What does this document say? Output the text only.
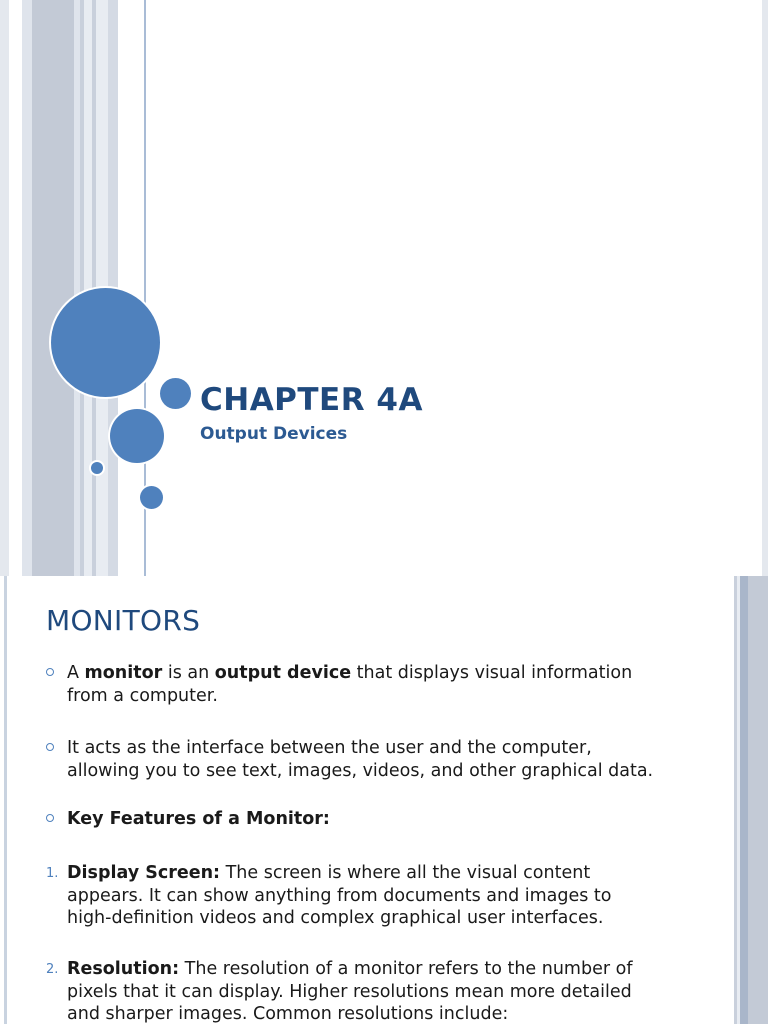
CHAPTER 4A
Output Devices
MONITORS
A monitor is an output device that displays visual information from a computer.
It acts as the interface between the user and the computer, allowing you to see text, images, videos, and other graphical data.
Key Features of a Monitor:
1. Display Screen: The screen is where all the visual content appears. It can show anything from documents and images to high-definition videos and complex graphical user interfaces.
2. Resolution: The resolution of a monitor refers to the number of pixels that it can display. Higher resolutions mean more detailed and sharper images. Common resolutions include:
